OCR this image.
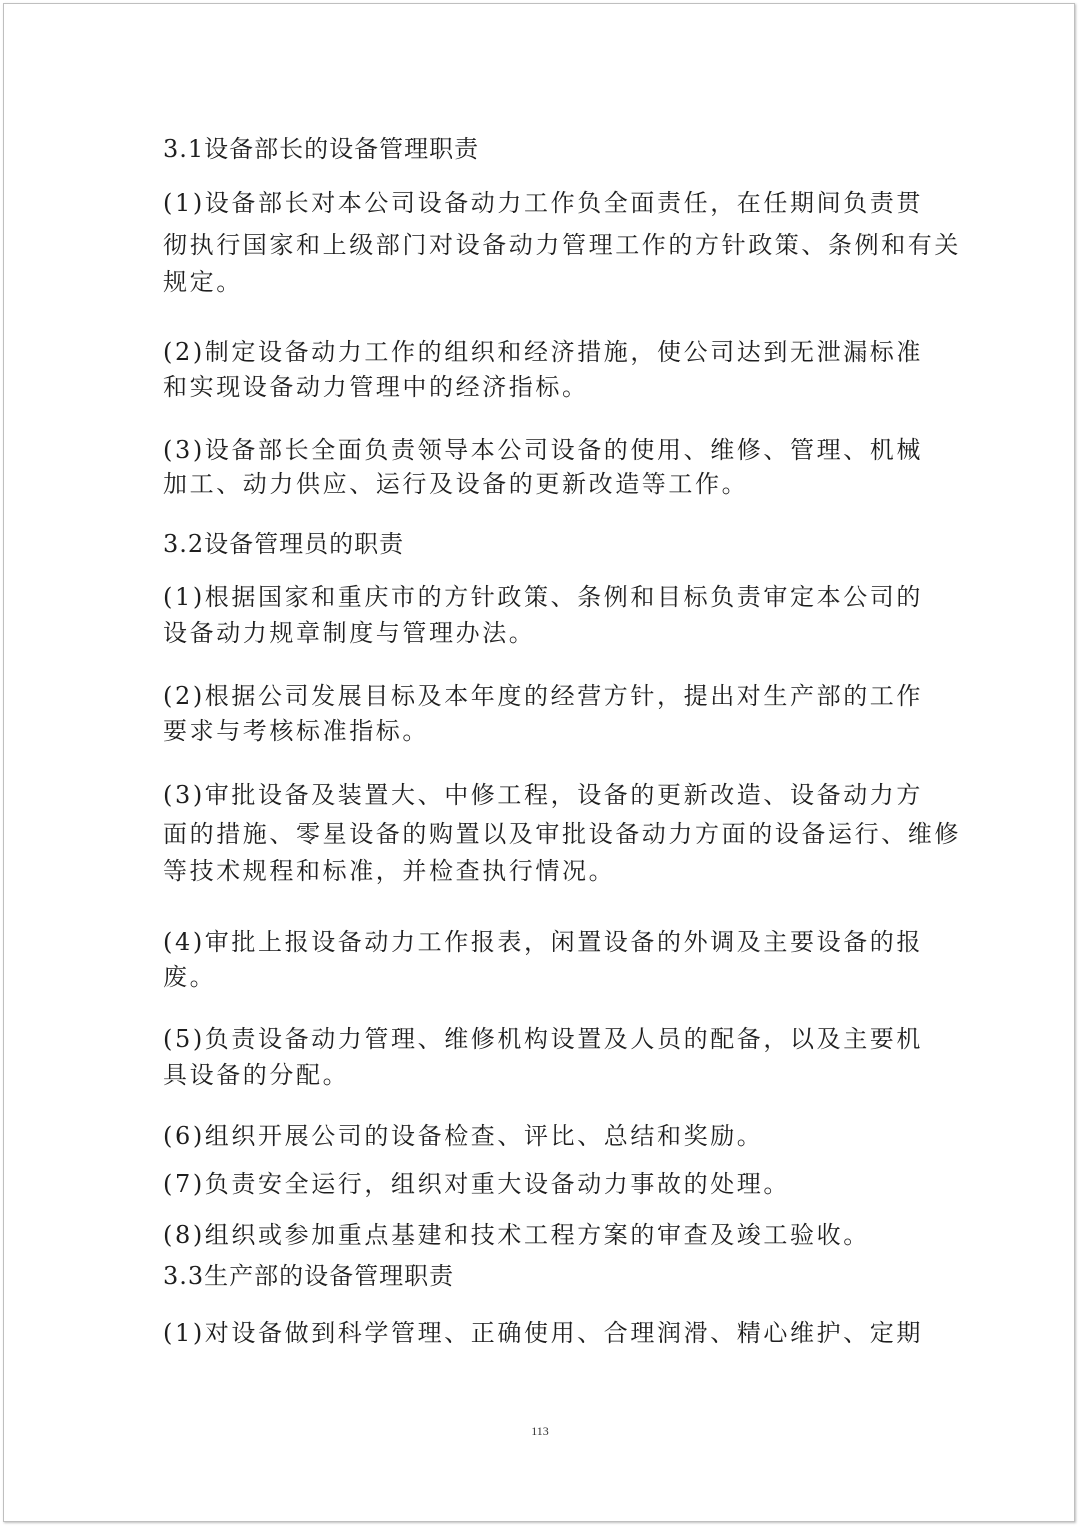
3.1设备部长的设备管理职责

(1)设备部长对本公司设备动力工作负全面责任，在任期间负责贯

彻执行国家和上级部门对设备动力管理工作的方针政策、条例和有关

规定。

(2)制定设备动力工作的组织和经济措施，使公司达到无泄漏标准

和实现设备动力管理中的经济指标。

(3)设备部长全面负责领导本公司设备的使用、维修、管理、机械

加工、动力供应、运行及设备的更新改造等工作。

3.2设备管理员的职责

(1)根据国家和重庆市的方针政策、条例和目标负责审定本公司的

设备动力规章制度与管理办法。

(2)根据公司发展目标及本年度的经营方针，提出对生产部的工作

要求与考核标准指标。

(3)审批设备及装置大、中修工程，设备的更新改造、设备动力方

面的措施、零星设备的购置以及审批设备动力方面的设备运行、维修

等技术规程和标准，并检查执行情况。

(4)审批上报设备动力工作报表，闲置设备的外调及主要设备的报

废。

(5)负责设备动力管理、维修机构设置及人员的配备，以及主要机

具设备的分配。

(6)组织开展公司的设备检查、评比、总结和奖励。

(7)负责安全运行，组织对重大设备动力事故的处理。

(8)组织或参加重点基建和技术工程方案的审查及竣工验收。

3.3生产部的设备管理职责

(1)对设备做到科学管理、正确使用、合理润滑、精心维护、定期

113
